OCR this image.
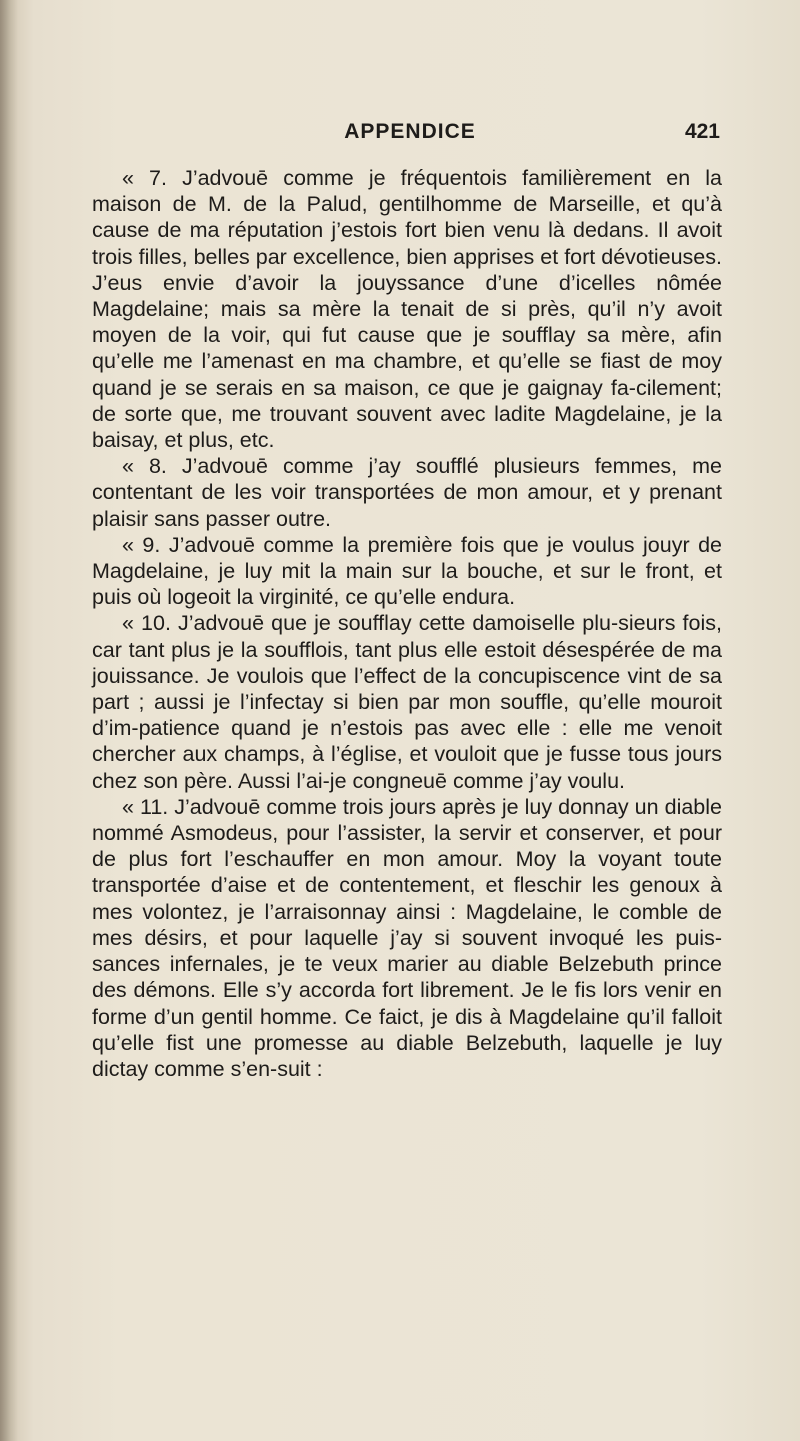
APPENDICE	421

« 7. J’advouē comme je fréquentois familièrement en la maison de M. de la Palud, gentilhomme de Marseille, et qu’à cause de ma réputation j’estois fort bien venu là dedans. Il avoit trois filles, belles par excellence, bien apprises et fort dévotieuses. J’eus envie d’avoir la jouyssance d’une d’icelles nômée Magdelaine; mais sa mère la tenait de si près, qu’il n’y avoit moyen de la voir, qui fut cause que je soufflay sa mère, afin qu’elle me l’amenast en ma chambre, et qu’elle se fiast de moy quand je se serais en sa maison, ce que je gaignay fa-cilement; de sorte que, me trouvant souvent avec ladite Magdelaine, je la baisay, et plus, etc.

« 8. J’advouē comme j’ay soufflé plusieurs femmes, me contentant de les voir transportées de mon amour, et y prenant plaisir sans passer outre.

« 9. J’advouē comme la première fois que je voulus jouyr de Magdelaine, je luy mit la main sur la bouche, et sur le front, et puis où logeoit la virginité, ce qu’elle endura.

« 10. J’advouē que je soufflay cette damoiselle plu-sieurs fois, car tant plus je la soufflois, tant plus elle estoit désespérée de ma jouissance. Je voulois que l’effect de la concupiscence vint de sa part ; aussi je l’infectay si bien par mon souffle, qu’elle mouroit d’im-patience quand je n’estois pas avec elle : elle me venoit chercher aux champs, à l’église, et vouloit que je fusse tous jours chez son père. Aussi l’ai-je congneuē comme j’ay voulu.

« 11. J’advouē comme trois jours après je luy donnay un diable nommé Asmodeus, pour l’assister, la servir et conserver, et pour de plus fort l’eschauffer en mon amour. Moy la voyant toute transportée d’aise et de contentement, et fleschir les genoux à mes volontez, je l’arraisonnay ainsi : Magdelaine, le comble de mes désirs, et pour laquelle j’ay si souvent invoqué les puis-sances infernales, je te veux marier au diable Belzebuth prince des démons. Elle s’y accorda fort librement. Je le fis lors venir en forme d’un gentil homme. Ce faict, je dis à Magdelaine qu’il falloit qu’elle fist une promesse au diable Belzebuth, laquelle je luy dictay comme s’en-suit :
